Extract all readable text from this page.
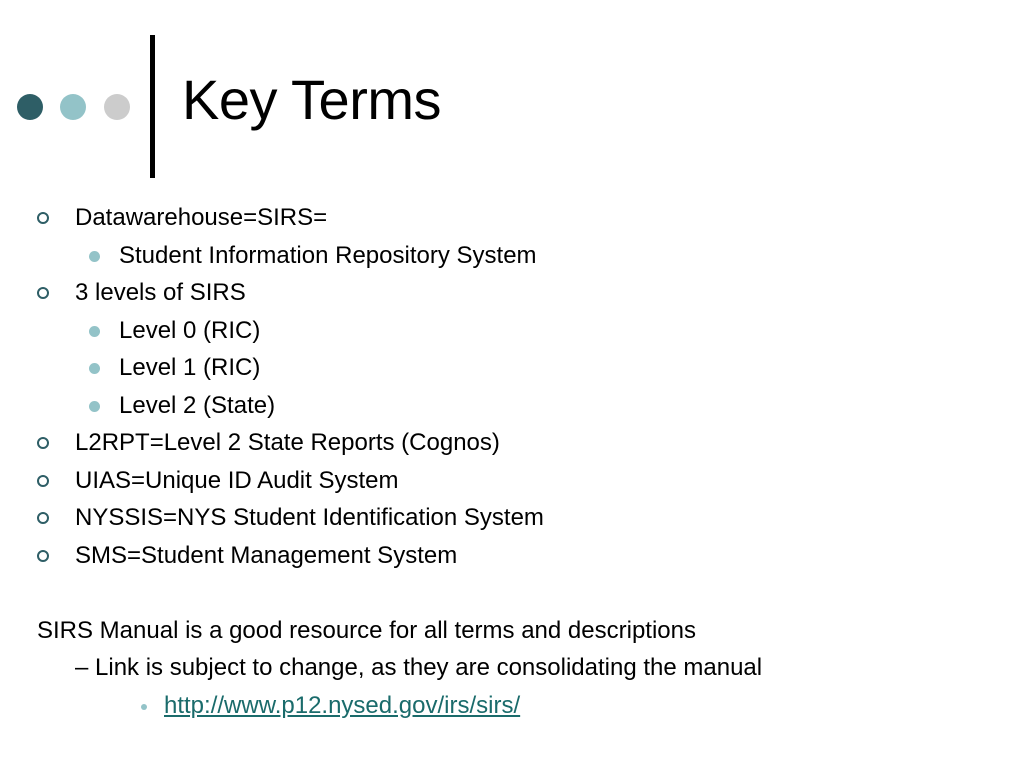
Key Terms
Datawarehouse=SIRS=
Student Information Repository System
3 levels of SIRS
Level 0 (RIC)
Level 1 (RIC)
Level 2 (State)
L2RPT=Level 2 State Reports (Cognos)
UIAS=Unique ID Audit System
NYSSIS=NYS Student Identification System
SMS=Student Management System
SIRS Manual is a good resource for all terms and descriptions
– Link is subject to change, as they are consolidating the manual
http://www.p12.nysed.gov/irs/sirs/
